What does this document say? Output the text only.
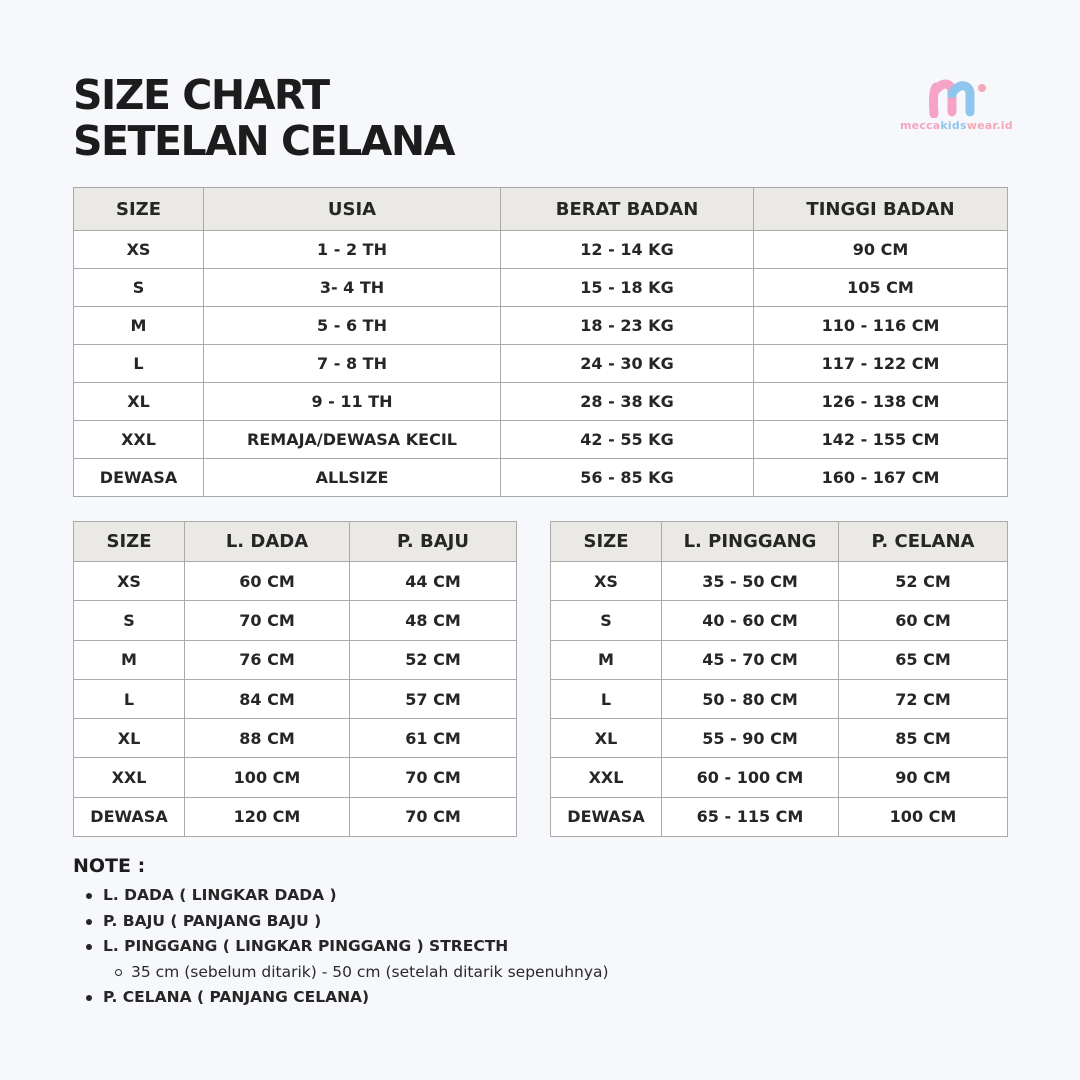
SIZE CHART
SETELAN CELANA	meccakidswear.id
SIZE	USIA	BERAT BADAN	TINGGI BADAN
XS	1 - 2 TH	12 - 14 KG	90 CM
S	3- 4 TH	15 - 18 KG	105 CM
M	5 - 6 TH	18 - 23 KG	110 - 116 CM
L	7 - 8 TH	24 - 30 KG	117 - 122 CM
XL	9 - 11 TH	28 - 38 KG	126 - 138 CM
XXL	REMAJA/DEWASA KECIL	42 - 55 KG	142 - 155 CM
DEWASA	ALLSIZE	56 - 85 KG	160 - 167 CM
SIZE	L. DADA	P. BAJU
XS	60 CM	44 CM
S	70 CM	48 CM
M	76 CM	52 CM
L	84 CM	57 CM
XL	88 CM	61 CM
XXL	100 CM	70 CM
DEWASA	120 CM	70 CM
SIZE	L. PINGGANG	P. CELANA
XS	35 - 50 CM	52 CM
S	40 - 60 CM	60 CM
M	45 - 70 CM	65 CM
L	50 - 80 CM	72 CM
XL	55 - 90 CM	85 CM
XXL	60 - 100 CM	90 CM
DEWASA	65 - 115 CM	100 CM
NOTE :
L. DADA ( LINGKAR DADA )
P. BAJU ( PANJANG BAJU )
L. PINGGANG ( LINGKAR PINGGANG ) STRECTH
35 cm (sebelum ditarik) - 50 cm (setelah ditarik sepenuhnya)
P. CELANA ( PANJANG CELANA)
